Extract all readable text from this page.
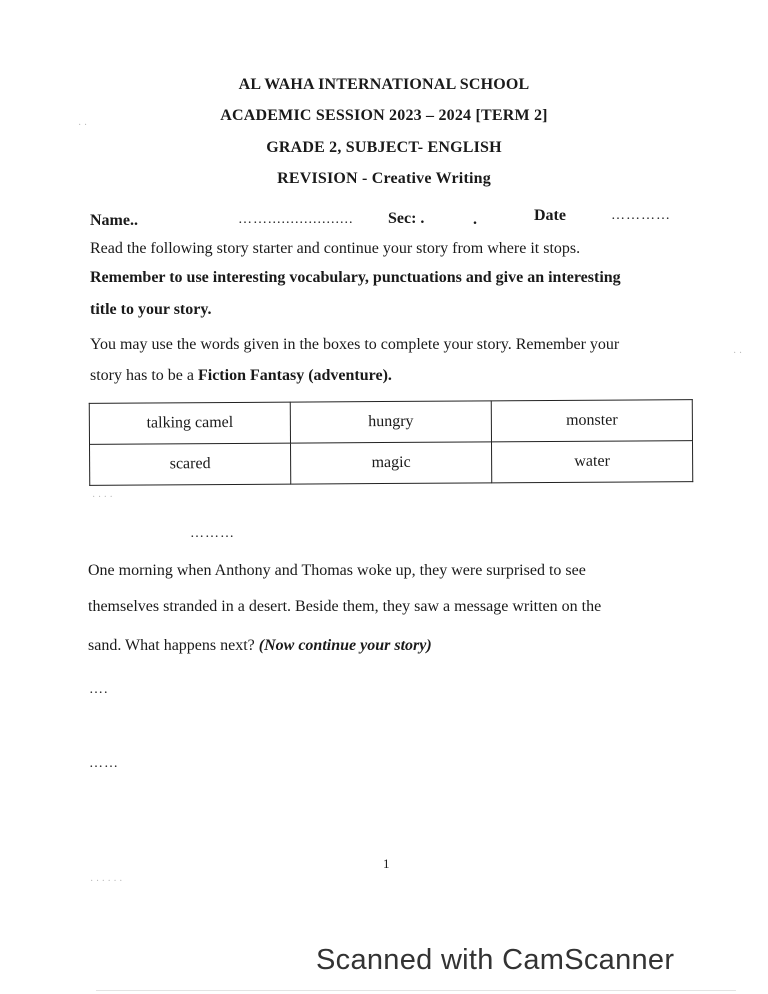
AL WAHA INTERNATIONAL SCHOOL
ACADEMIC SESSION 2023 – 2024 [TERM 2]
GRADE 2, SUBJECT- ENGLISH
REVISION - Creative Writing
Name..	……................... Sec: .	.	Date	…………
Read the following story starter and continue your story from where it stops.
Remember to use interesting vocabulary, punctuations and give an interesting
title to your story.
You may use the words given in the boxes to complete your story. Remember your
story has to be a Fiction Fantasy (adventure).
talking camel	hungry	monster
scared	magic	water
………
One morning when Anthony and Thomas woke up, they were surprised to see
themselves stranded in a desert. Beside them, they saw a message written on the
sand. What happens next? (Now continue your story)
….
……
1
· ·
· ·
· · · ·
· · · · · ·
Scanned with CamScanner
